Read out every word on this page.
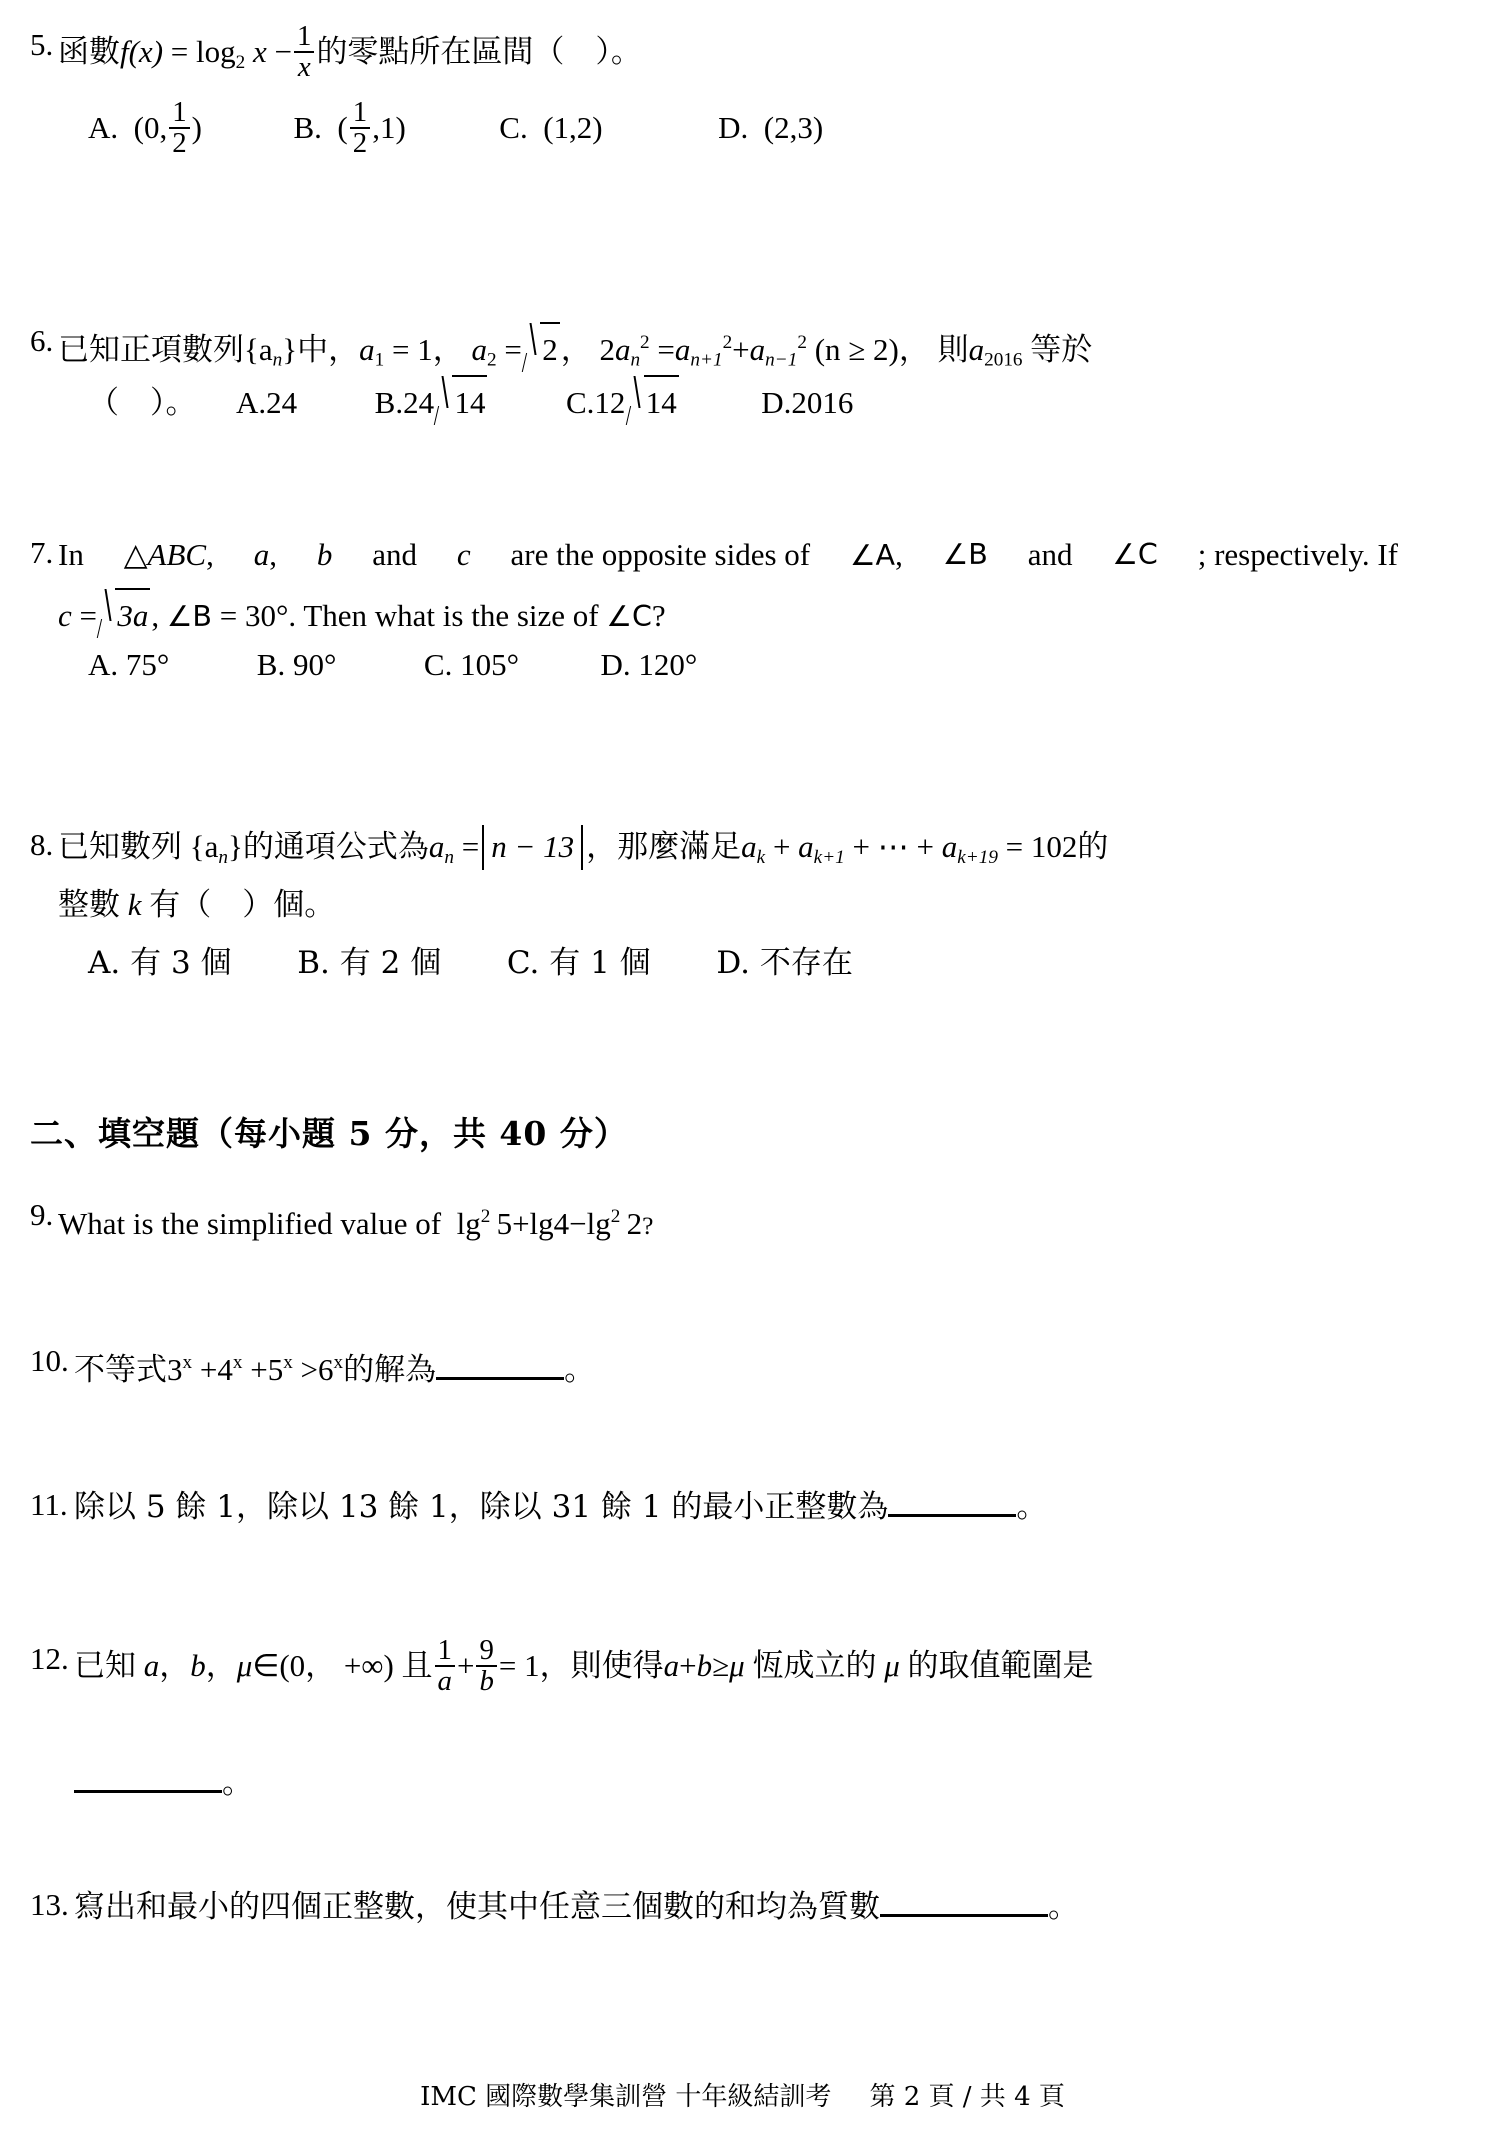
5. 函數f(x) = log2 $x - \frac{1}{x}$ 的零點所在區間（　）。
A. (0, $\frac{1}{2}$ )	B. ( $\frac{1}{2} ,1$)	C. (1,2)	D. (2,3)
6. 已知正項數列$\{a_n\}$中，a1 = 1， a2 = 2， $2a_n^2 =a_{n+1}^2+a_{n-1}^2$ (n ≥ 2)， 則a2016 等於
（　）。 A.24	B.24 14	C.12 14	D.2016
7. In △ABC, a, b and c are the opposite sides of ∠A, ∠B and ∠C ; respectively. If
c = 3a, ∠B = 30°. Then what is the size of ∠C?
A. 75°	B. 90°	C. 105°	D. 120°
8. 已知數列 $\{a_n\}$的通項公式為$a_n = n - 13$ ，那麼滿足$a_k + a_{k+1}$ + ⋯ + $a_{k+19} = 102$的
整數 k 有（　）個。
A. 有 3 個 B. 有 2 個 C. 有 1 個 D. 不存在
二、填空題（每小題 5 分，共 40 分）
9. What is the simplified value of $\lg^2 5+\lg 4-\lg^2$  2?
10. 不等式$3^x +4^x +5^x >6^x$的解為	。
11. 除以 5 餘 1，除以 13 餘 1，除以 31 餘 1 的最小正整數為	。
12. 已知 a，b，μ∈(0， +∞) 且 $\frac{1}{a} + \frac{9}{b} = 1$，則使得a+b≥μ 恆成立的 μ 的取值範圍是
。
13. 寫出和最小的四個正整數，使其中任意三個數的和均為質數	。
IMC 國際數學集訓營 十年級結訓考 第 2 頁 / 共 4 頁
